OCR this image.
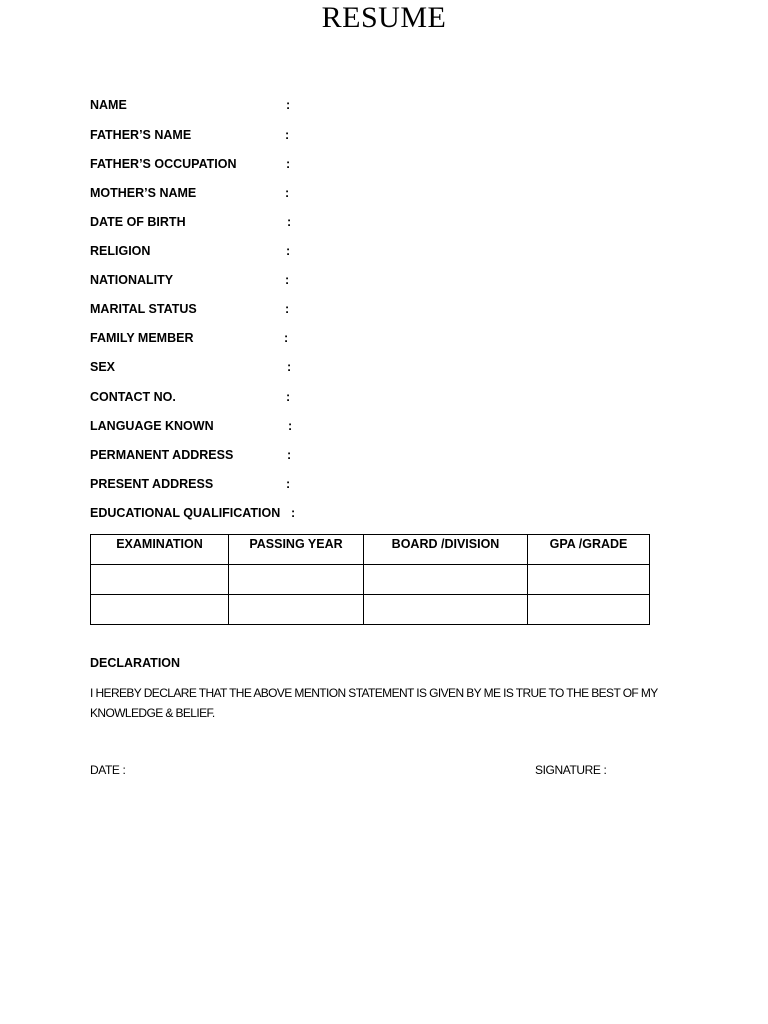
RESUME
NAME	:
FATHER’S NAME	:
FATHER’S OCCUPATION	:
MOTHER’S NAME	:
DATE OF BIRTH	:
RELIGION	:
NATIONALITY	:
MARITAL STATUS	:
FAMILY MEMBER	:
SEX	:
CONTACT NO.	:
LANGUAGE KNOWN	:
PERMANENT ADDRESS	:
PRESENT ADDRESS	:
EDUCATIONAL QUALIFICATION :
EXAMINATION	PASSING YEAR	BOARD /DIVISION	GPA /GRADE

DECLARATION
I HEREBY DECLARE THAT THE ABOVE MENTION STATEMENT IS GIVEN BY ME IS TRUE TO THE BEST OF MY KNOWLEDGE & BELIEF.
DATE :	SIGNATURE :
